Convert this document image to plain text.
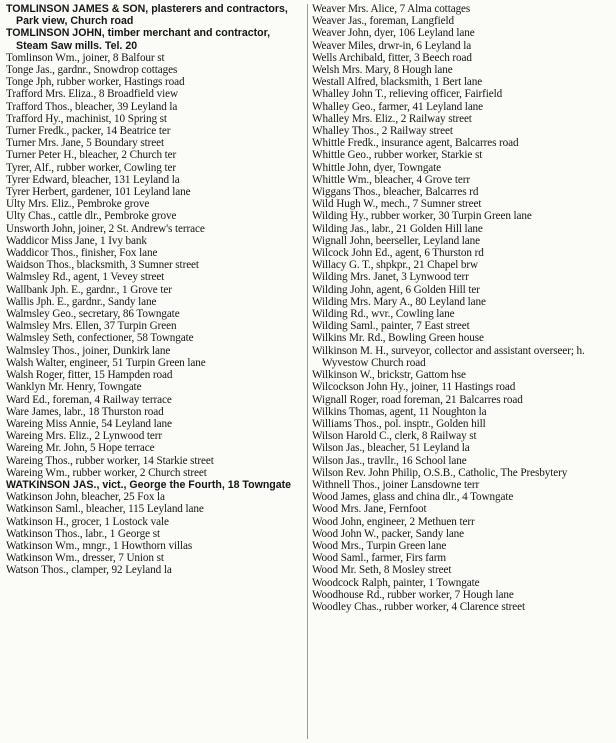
TOMLINSON JAMES & SON, plasterers and contractors, Park view, Church road
TOMLINSON JOHN, timber merchant and contractor, Steam Saw mills. Tel. 20
Tomlinson Wm., joiner, 8 Balfour st
Tonge Jas., gardnr., Snowdrop cottages
Tonge Jph, rubber worker, Hastings road
Trafford Mrs. Eliza., 8 Broadfield view
Trafford Thos., bleacher, 39 Leyland la
Trafford Hy., machinist, 10 Spring st
Turner Fredk., packer, 14 Beatrice ter
Turner Mrs. Jane, 5 Boundary street
Turner Peter H., bleacher, 2 Church ter
Tyrer, Alf., rubber worker, Cowling ter
Tyrer Edward, bleacher, 131 Leyland la
Tyrer Herbert, gardener, 101 Leyland lane
Ulty Mrs. Eliz., Pembroke grove
Ulty Chas., cattle dlr., Pembroke grove
Unsworth John, joiner, 2 St. Andrew's terrace
Waddicor Miss Jane, 1 Ivy bank
Waddicor Thos., finisher, Fox lane
Waidson Thos., blacksmith, 3 Sumner street
Walmsley Rd., agent, 1 Vevey street
Wallbank Jph. E., gardnr., 1 Grove ter
Wallis Jph. E., gardnr., Sandy lane
Walmsley Geo., secretary, 86 Towngate
Walmsley Mrs. Ellen, 37 Turpin Green
Walmsley Seth, confectioner, 58 Towngate
Walmsley Thos., joiner, Dunkirk lane
Walsh Walter, engineer, 51 Turpin Green lane
Walsh Roger, fitter, 15 Hampden road
Wanklyn Mr. Henry, Towngate
Ward Ed., foreman, 4 Railway terrace
Ware James, labr., 18 Thurston road
Wareing Miss Annie, 54 Leyland lane
Wareing Mrs. Eliz., 2 Lynwood terr
Wareing Mr. John, 5 Hope terrace
Wareing Thos., rubber worker, 14 Starkie street
Wareing Wm., rubber worker, 2 Church street
WATKINSON JAS., vict., George the Fourth, 18 Towngate
Watkinson John, bleacher, 25 Fox la
Watkinson Saml., bleacher, 115 Leyland lane
Watkinson H., grocer, 1 Lostock vale
Watkinson Thos., labr., 1 George st
Watkinson Wm., mngr., 1 Howthorn villas
Watkinson Wm., dresser, 7 Union st
Watson Thos., clamper, 92 Leyland la
Weaver Mrs. Alice, 7 Alma cottages
Weaver Jas., foreman, Langfield
Weaver John, dyer, 106 Leyland lane
Weaver Miles, drwr-in, 6 Leyland la
Wells Archibald, fitter, 3 Beech road
Welsh Mrs. Mary, 8 Hough lane
Westall Alfred, blacksmith, 1 Bert lane
Whalley John T., relieving officer, Fairfield
Whalley Geo., farmer, 41 Leyland lane
Whalley Mrs. Eliz., 2 Railway street
Whalley Thos., 2 Railway street
Whittle Fredk., insurance agent, Balcarres road
Whittle Geo., rubber worker, Starkie st
Whittle John, dyer, Towngate
Whittle Wm., bleacher, 4 Grove terr
Wiggans Thos., bleacher, Balcarres rd
Wild Hugh W., mech., 7 Sumner street
Wilding Hy., rubber worker, 30 Turpin Green lane
Wilding Jas., labr., 21 Golden Hill lane
Wignall John, beerseller, Leyland lane
Wilcock John Ed., agent, 6 Thurston rd
Willacy G. T., shpkpr., 21 Chapel brw
Wilding Mrs. Janet, 3 Lynwood terr
Wilding John, agent, 6 Golden Hill ter
Wilding Mrs. Mary A., 80 Leyland lane
Wilding Rd., wvr., Cowling lane
Wilding Saml., painter, 7 East street
Wilkins Mr. Rd., Bowling Green house
Wilkinson M. H., surveyor, collector and assistant overseer; h. Wyvestow Church road
Wilkinson W., brickstr, Gattom hse
Wilcockson John Hy., joiner, 11 Hastings road
Wignall Roger, road foreman, 21 Balcarres road
Wilkins Thomas, agent, 11 Noughton la
Williams Thos., pol. insptr., Golden hill
Wilson Harold C., clerk, 8 Railway st
Wilson Jas., bleacher, 51 Leyland la
Wilson Jas., travllr., 16 School lane
Wilson Rev. John Philip, O.S.B., Catholic, The Presbytery
Withnell Thos., joiner Lansdowne terr
Wood James, glass and china dlr., 4 Towngate
Wood Mrs. Jane, Fernfoot
Wood John, engineer, 2 Methuen terr
Wood John W., packer, Sandy lane
Wood Mrs., Turpin Green lane
Wood Saml., farmer, Firs farm
Wood Mr. Seth, 8 Mosley street
Woodcock Ralph, painter, 1 Towngate
Woodhouse Rd., rubber worker, 7 Hough lane
Woodley Chas., rubber worker, 4 Clarence street
